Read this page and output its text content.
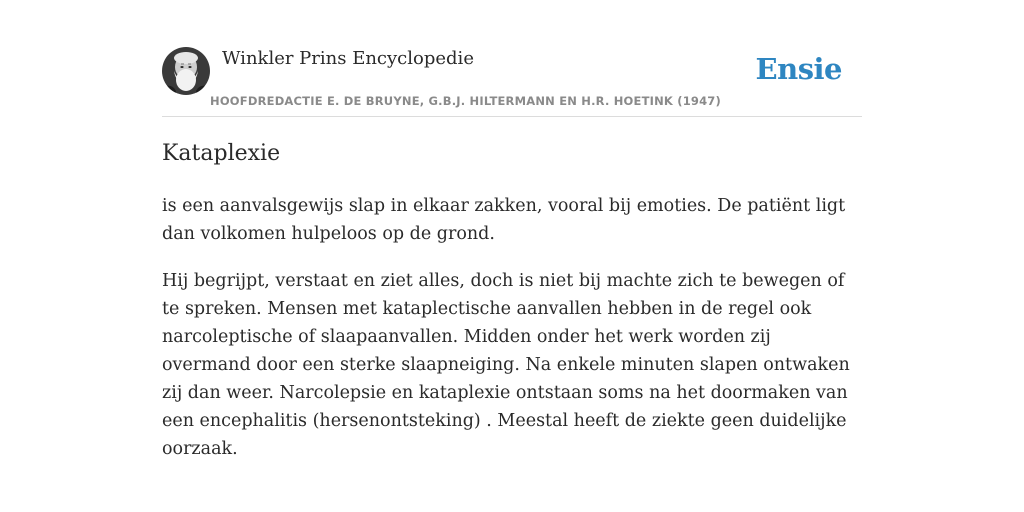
Winkler Prins Encyclopedie
HOOFDREDACTIE E. DE BRUYNE, G.B.J. HILTERMANN EN H.R. HOETINK (1947)
Ensie
Kataplexie

is een aanvalsgewijs slap in elkaar zakken, vooral bij emoties. De patiënt ligt dan volkomen hulpeloos op de grond.

Hij begrijpt, verstaat en ziet alles, doch is niet bij machte zich te bewegen of te spreken. Mensen met kataplectische aanvallen hebben in de regel ook narcoleptische of slaapaanvallen. Midden onder het werk worden zij overmand door een sterke slaapneiging. Na enkele minuten slapen ontwaken zij dan weer. Narcolepsie en kataplexie ontstaan soms na het doormaken van een encephalitis (hersenontsteking) . Meestal heeft de ziekte geen duidelijke oorzaak.
